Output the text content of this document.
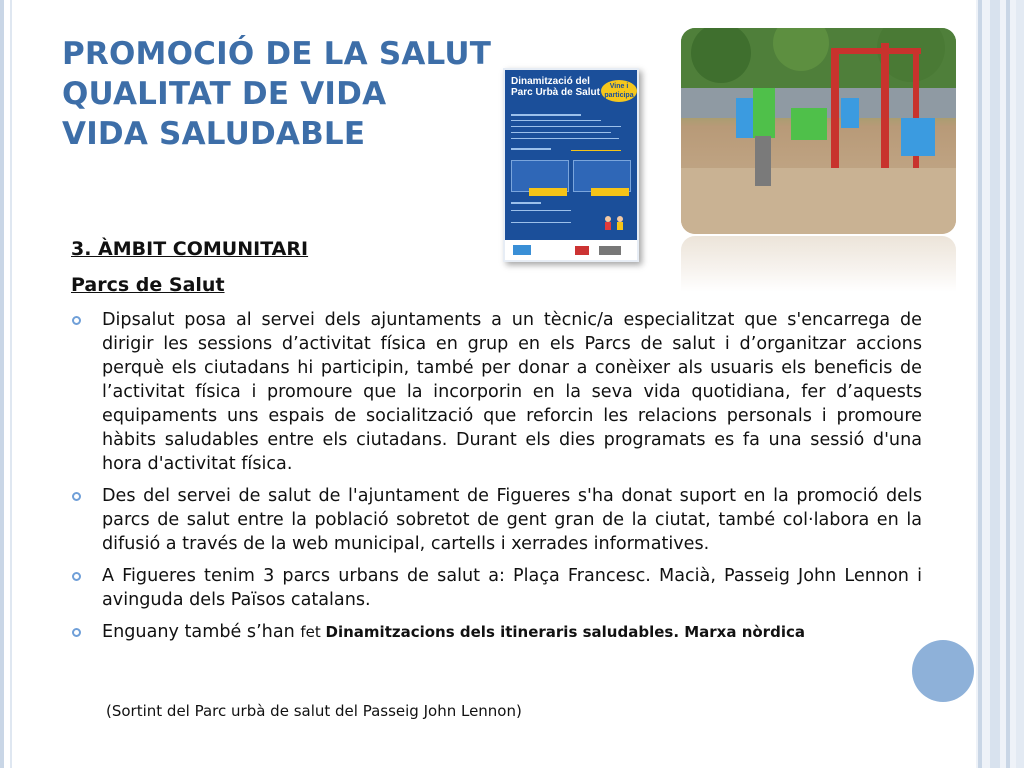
PROMOCIÓ DE LA SALUT
QUALITAT DE VIDA
VIDA SALUDABLE
Dinamització del Parc Urbà de Salut
Vine i participa
3. ÀMBIT COMUNITARI
Parcs de Salut
Dipsalut posa al servei dels ajuntaments a un tècnic/a especialitzat que s'encarrega de dirigir les sessions d’activitat física en grup en els Parcs de salut i d’organitzar accions perquè els ciutadans hi participin, també per donar a conèixer als usuaris els beneficis de l’activitat física i promoure que la incorporin en la seva vida quotidiana, fer d’aquests equipaments uns espais de socialització que reforcin les relacions personals i promoure hàbits saludables entre els ciutadans. Durant els dies programats es fa una sessió d'una hora d'activitat física.
Des del servei de salut de l'ajuntament de Figueres s'ha donat suport en la promoció dels parcs de salut entre la població sobretot de gent gran de la ciutat, també col·labora en la difusió a través de la web municipal, cartells i xerrades informatives.
A Figueres tenim 3 parcs urbans de salut a: Plaça Francesc. Macià, Passeig John Lennon i avinguda dels Països catalans.
Enguany també s’han fet Dinamitzacions dels itineraris saludables. Marxa nòrdica
(Sortint del Parc urbà de salut del Passeig John Lennon)
